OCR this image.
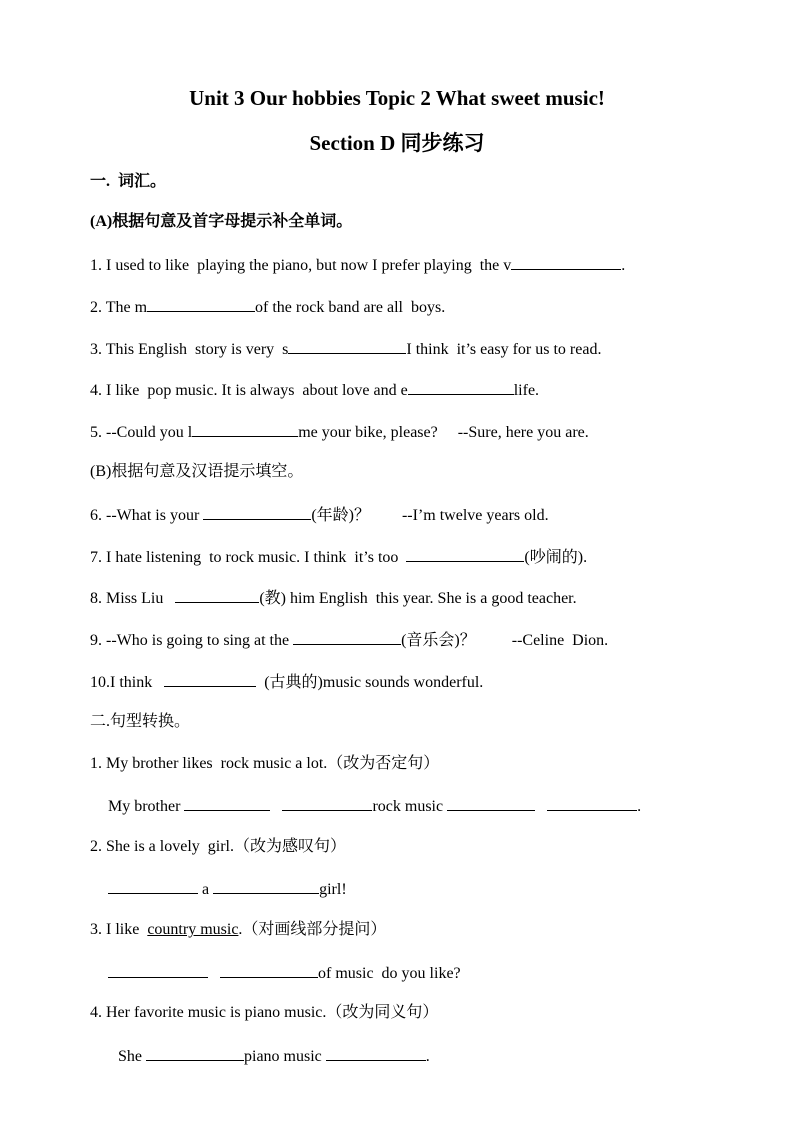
Unit 3 Our hobbies Topic 2 What sweet music!
Section D 同步练习
一.  词汇。
(A)根据句意及首字母提示补全单词。
1. I used to like  playing the piano, but now I prefer playing  the v	.
2. The m	of the rock band are all  boys.
3. This English  story is very  s	I think  it’s easy for us to read.
4. I like  pop music. It is always  about love and e	life.
5. --Could you l	me your bike, please?     --Sure, here you are.
(B)根据句意及汉语提示填空。
6. --What is your	(年龄)？        --I’m twelve years old.
7. I hate listening  to rock music. I think  it’s too	(吵闹的).
8. Miss Liu	(教) him English  this year. She is a good teacher.
9. --Who is going to sing at the	(音乐会)？         --Celine  Dion.
10.I think	(古典的)music sounds wonderful.
二.句型转换。
1. My brother likes  rock music a lot.（改为否定句）
My brother	rock music	.
2. She is a lovely  girl.（改为感叹句）
a	girl!
3. I like  country music.（对画线部分提问）
of music  do you like?
4. Her favorite music is piano music.（改为同义句）
She	piano music	.
